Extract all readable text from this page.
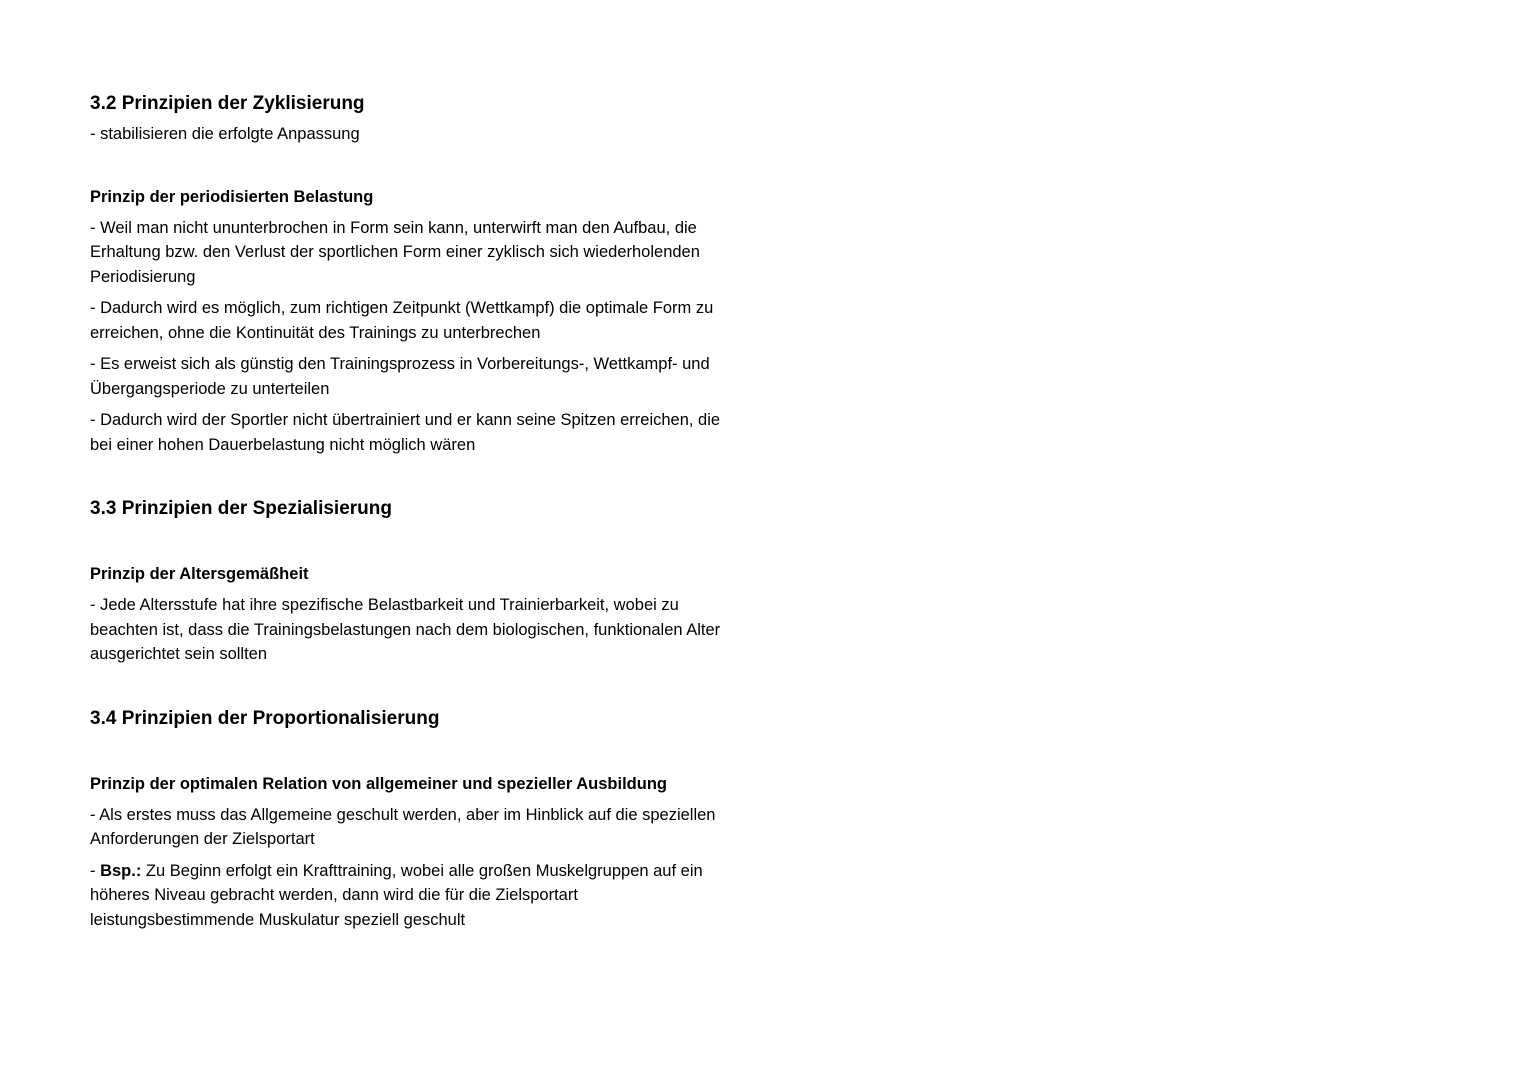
3.2 Prinzipien der Zyklisierung
- stabilisieren die erfolgte Anpassung
Prinzip der periodisierten Belastung
- Weil man nicht ununterbrochen in Form sein kann, unterwirft man den Aufbau, die Erhaltung bzw. den Verlust der sportlichen Form einer zyklisch sich wiederholenden Periodisierung
- Dadurch wird es möglich, zum richtigen Zeitpunkt (Wettkampf) die optimale Form zu erreichen, ohne die Kontinuität des Trainings zu unterbrechen
- Es erweist sich als günstig den Trainingsprozess in Vorbereitungs-, Wettkampf- und Übergangsperiode zu unterteilen
- Dadurch wird der Sportler nicht übertrainiert und er kann seine Spitzen erreichen, die bei einer hohen Dauerbelastung nicht möglich wären
3.3 Prinzipien der Spezialisierung
Prinzip der Altersgemäßheit
- Jede Altersstufe hat ihre spezifische Belastbarkeit und Trainierbarkeit, wobei zu beachten ist, dass die Trainingsbelastungen nach dem biologischen, funktionalen Alter ausgerichtet sein sollten
3.4 Prinzipien der Proportionalisierung
Prinzip der optimalen Relation von allgemeiner und spezieller Ausbildung
- Als erstes muss das Allgemeine geschult werden, aber im Hinblick auf die speziellen Anforderungen der Zielsportart
- Bsp.: Zu Beginn erfolgt ein Krafttraining, wobei alle großen Muskelgruppen auf ein höheres Niveau gebracht werden, dann wird die für die Zielsportart leistungsbestimmende Muskulatur speziell geschult
